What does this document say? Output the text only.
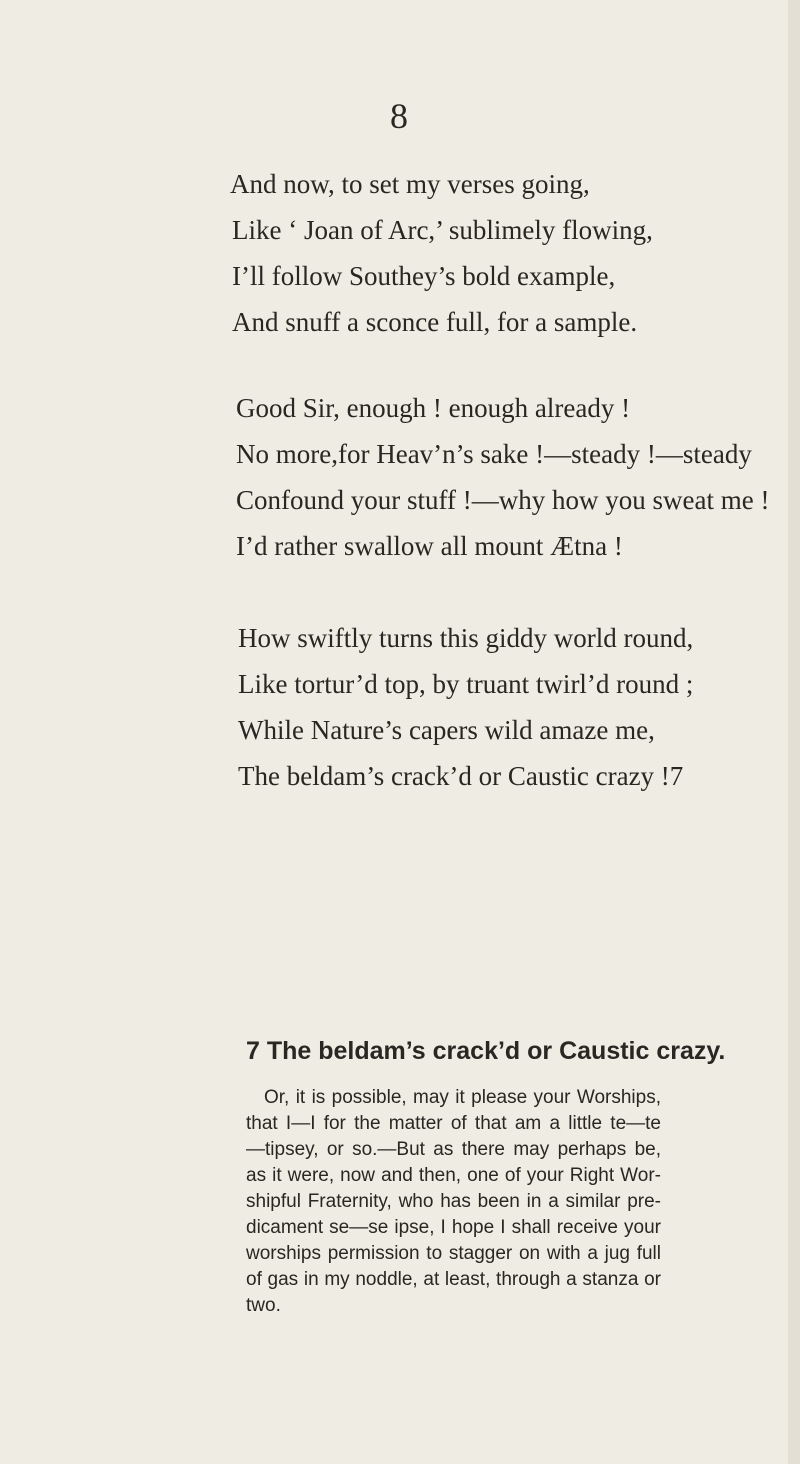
8
And now, to set my verses going,
Like ‘ Joan of Arc,’ sublimely flowing,
I’ll follow Southey’s bold example,
And snuff a sconce full, for a sample.
Good Sir, enough ! enough already !
No more,for Heav’n’s sake !—steady !—steady
Confound your stuff !—why how you sweat me !
I’d rather swallow all mount Ætna !
How swiftly turns this giddy world round,
Like tortur’d top, by truant twirl’d round ;
While Nature’s capers wild amaze me,
The beldam’s crack’d or Caustic crazy !7
7 The beldam’s crack’d or Caustic crazy.
Or, it is possible, may it please your Worships,
that I—I for the matter of that am a little te—te
—tipsey, or so.—But as there may perhaps be,
as it were, now and then, one of your Right Wor-
shipful Fraternity, who has been in a similar pre-
dicament se—se ipse, I hope I shall receive your
worships permission to stagger on with a jug full
of gas in my noddle, at least, through a stanza or
two.
